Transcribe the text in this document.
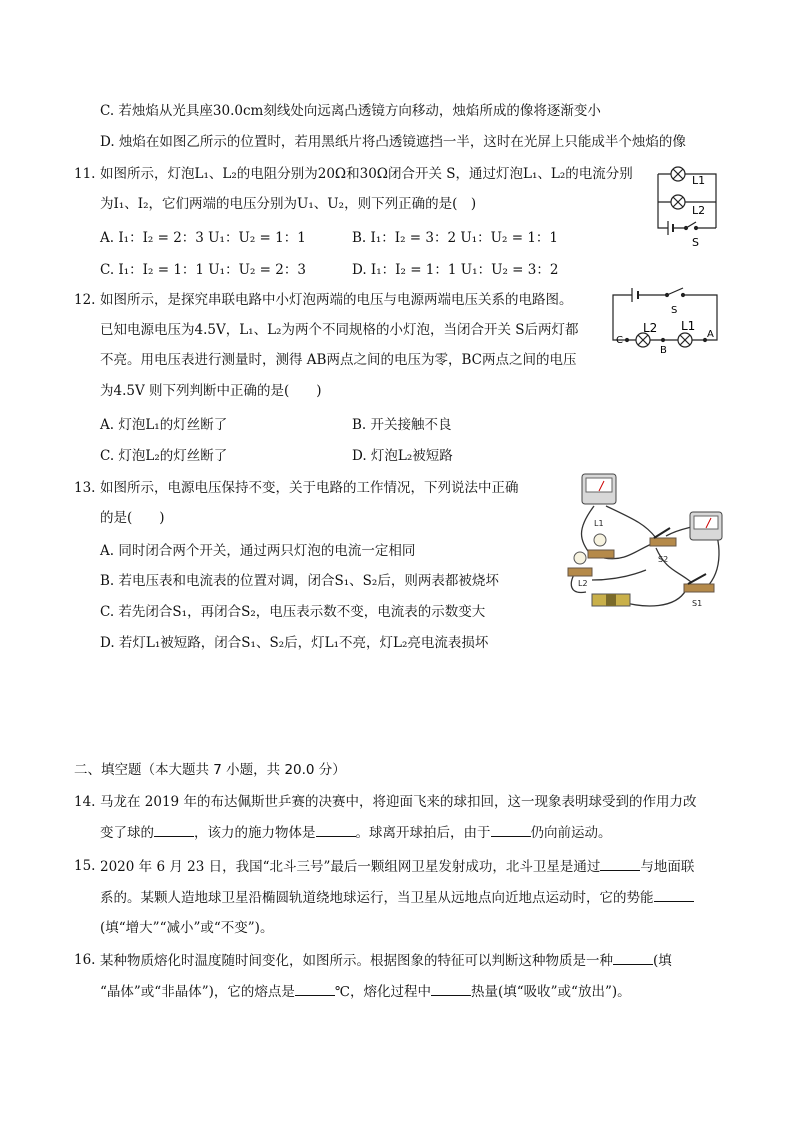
C. 若烛焰从光具座30.0cm刻线处向远离凸透镜方向移动，烛焰所成的像将逐渐变小
D. 烛焰在如图乙所示的位置时，若用黑纸片将凸透镜遮挡一半，这时在光屏上只能成半个烛焰的像
11. 如图所示，灯泡L₁、L₂的电阻分别为20Ω和30Ω闭合开关 S，通过灯泡L₁、L₂的电流分别
为I₁、I₂，它们两端的电压分别为U₁、U₂，则下列正确的是(　)
A. I₁：I₂ = 2：3 U₁：U₂ = 1：1	B. I₁：I₂ = 3：2 U₁：U₂ = 1：1
C. I₁：I₂ = 1：1 U₁：U₂ = 2：3	D. I₁：I₂ = 1：1 U₁：U₂ = 3：2
L1
L2
S
12. 如图所示，是探究串联电路中小灯泡两端的电压与电源两端电压关系的电路图。
已知电源电压为4.5V，L₁、L₂为两个不同规格的小灯泡，当闭合开关 S后两灯都
不亮。用电压表进行测量时，测得 AB两点之间的电压为零，BC两点之间的电压
为4.5V 则下列判断中正确的是(　　)
A. 灯泡L₁的灯丝断了	B. 开关接触不良
C. 灯泡L₂的灯丝断了	D. 灯泡L₂被短路
S
L2 L1
C
B
A
13. 如图所示，电源电压保持不变，关于电路的工作情况，下列说法中正确
的是(　　)
A. 同时闭合两个开关，通过两只灯泡的电流一定相同
B. 若电压表和电流表的位置对调，闭合S₁、S₂后，则两表都被烧坏
C. 若先闭合S₁，再闭合S₂，电压表示数不变，电流表的示数变大
D. 若灯L₁被短路，闭合S₁、S₂后，灯L₁不亮，灯L₂亮电流表损坏
L1
L2
S2
S1
二、填空题（本大题共 7 小题，共 20.0 分）
14. 马龙在 2019 年的布达佩斯世乒赛的决赛中，将迎面飞来的球扣回，这一现象表明球受到的作用力改
变了球的	，该力的施力物体是	。球离开球拍后，由于	仍向前运动。
15. 2020 年 6 月 23 日，我国“北斗三号”最后一颗组网卫星发射成功，北斗卫星是通过	与地面联
系的。某颗人造地球卫星沿椭圆轨道绕地球运行，当卫星从远地点向近地点运动时，它的势能
(填“增大”“减小”或“不变”)。
16. 某种物质熔化时温度随时间变化，如图所示。根据图象的特征可以判断这种物质是一种	(填
“晶体”或“非晶体”)，它的熔点是	℃，熔化过程中	热量(填“吸收”或“放出”)。
